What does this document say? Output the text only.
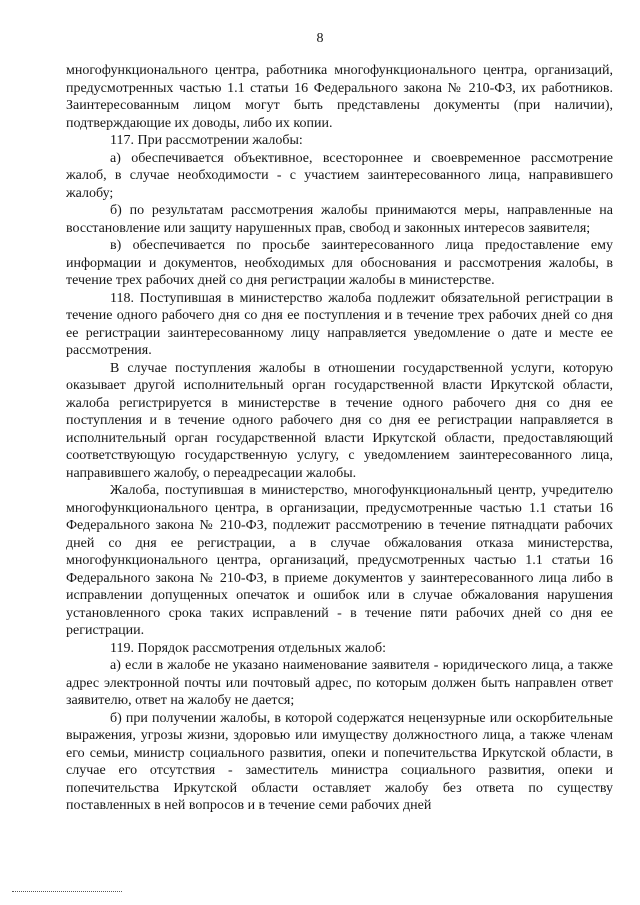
8

многофункционального центра, работника многофункционального центра, организаций, предусмотренных частью 1.1 статьи 16 Федерального закона № 210-ФЗ, их работников. Заинтересованным лицом могут быть представлены документы (при наличии), подтверждающие их доводы, либо их копии.

117. При рассмотрении жалобы:

а) обеспечивается объективное, всестороннее и своевременное рассмотрение жалоб, в случае необходимости - с участием заинтересованного лица, направившего жалобу;

б) по результатам рассмотрения жалобы принимаются меры, направленные на восстановление или защиту нарушенных прав, свобод и законных интересов заявителя;

в) обеспечивается по просьбе заинтересованного лица предоставление ему информации и документов, необходимых для обоснования и рассмотрения жалобы, в течение трех рабочих дней со дня регистрации жалобы в министерстве.

118. Поступившая в министерство жалоба подлежит обязательной регистрации в течение одного рабочего дня со дня ее поступления и в течение трех рабочих дней со дня ее регистрации заинтересованному лицу направляется уведомление о дате и месте ее рассмотрения.

В случае поступления жалобы в отношении государственной услуги, которую оказывает другой исполнительный орган государственной власти Иркутской области, жалоба регистрируется в министерстве в течение одного рабочего дня со дня ее поступления и в течение одного рабочего дня со дня ее регистрации направляется в исполнительный орган государственной власти Иркутской области, предоставляющий соответствующую государственную услугу, с уведомлением заинтересованного лица, направившего жалобу, о переадресации жалобы.

Жалоба, поступившая в министерство, многофункциональный центр, учредителю многофункционального центра, в организации, предусмотренные частью 1.1 статьи 16 Федерального закона № 210-ФЗ, подлежит рассмотрению в течение пятнадцати рабочих дней со дня ее регистрации, а в случае обжалования отказа министерства, многофункционального центра, организаций, предусмотренных частью 1.1 статьи 16 Федерального закона № 210-ФЗ, в приеме документов у заинтересованного лица либо в исправлении допущенных опечаток и ошибок или в случае обжалования нарушения установленного срока таких исправлений - в течение пяти рабочих дней со дня ее регистрации.

119. Порядок рассмотрения отдельных жалоб:

а) если в жалобе не указано наименование заявителя - юридического лица, а также адрес электронной почты или почтовый адрес, по которым должен быть направлен ответ заявителю, ответ на жалобу не дается;

б) при получении жалобы, в которой содержатся нецензурные или оскорбительные выражения, угрозы жизни, здоровью или имуществу должностного лица, а также членам его семьи, министр социального развития, опеки и попечительства Иркутской области, в случае его отсутствия - заместитель министра социального развития, опеки и попечительства Иркутской области оставляет жалобу без ответа по существу поставленных в ней вопросов и в течение семи рабочих дней
